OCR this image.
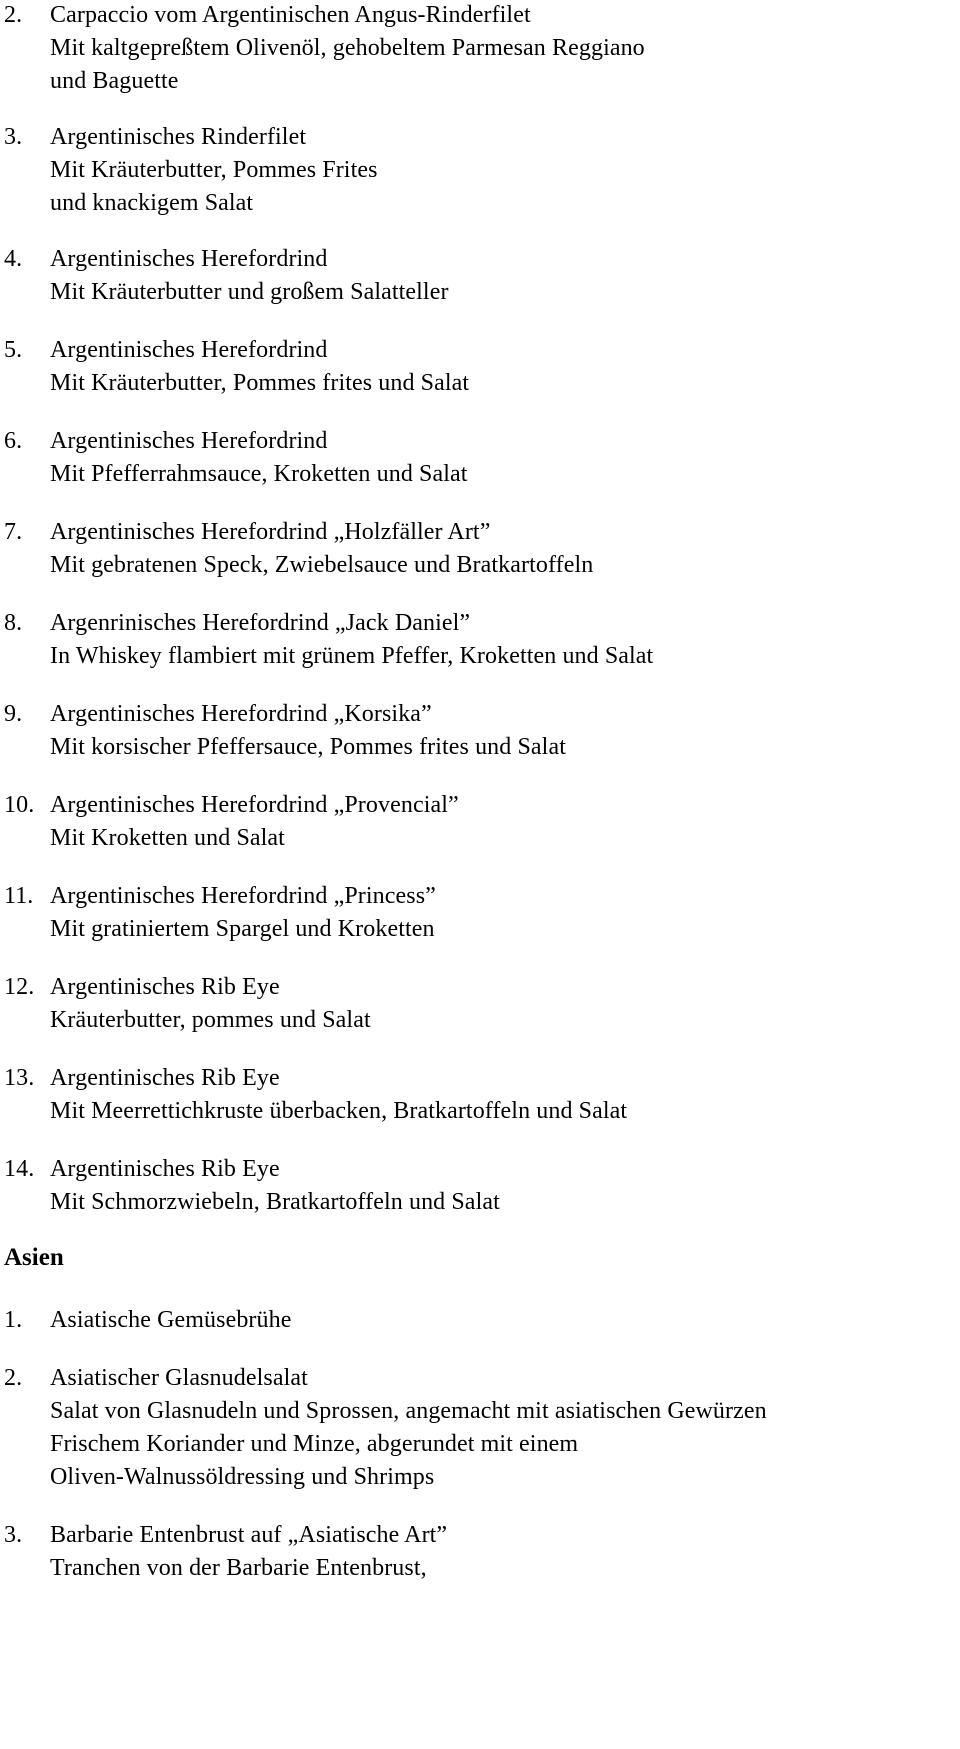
2. Carpaccio vom Argentinischen Angus-Rinderfilet
Mit kaltgepreßtem Olivenöl, gehobeltem Parmesan Reggiano
und Baguette
3. Argentinisches Rinderfilet
Mit Kräuterbutter, Pommes Frites
und knackigem Salat
4. Argentinisches Herefordrind
Mit Kräuterbutter und großem Salatteller
5. Argentinisches Herefordrind
Mit Kräuterbutter, Pommes frites und Salat
6. Argentinisches Herefordrind
Mit Pfefferrahmsauce, Kroketten und Salat
7. Argentinisches Herefordrind „Holzfäller Art”
Mit gebratenen Speck, Zwiebelsauce und Bratkartoffeln
8. Argenrinisches Herefordrind „Jack Daniel”
In Whiskey flambiert mit grünem Pfeffer, Kroketten und Salat
9. Argentinisches Herefordrind „Korsika”
Mit korsischer Pfeffersauce, Pommes frites und Salat
10. Argentinisches Herefordrind „Provencial”
Mit Kroketten und Salat
11. Argentinisches Herefordrind „Princess”
Mit gratiniertem Spargel und Kroketten
12. Argentinisches Rib Eye
Kräuterbutter, pommes und Salat
13. Argentinisches Rib Eye
Mit Meerrettichkruste überbacken, Bratkartoffeln und Salat
14. Argentinisches Rib Eye
Mit Schmorzwiebeln, Bratkartoffeln und Salat
Asien
1. Asiatische Gemüsebrühe
2. Asiatischer Glasnudelsalat
Salat von Glasnudeln und Sprossen, angemacht mit asiatischen Gewürzen
Frischem Koriander und Minze, abgerundet mit einem
Oliven-Walnussöldressing und Shrimps
3. Barbarie Entenbrust auf „Asiatische Art”
Tranchen von der Barbarie Entenbrust,
